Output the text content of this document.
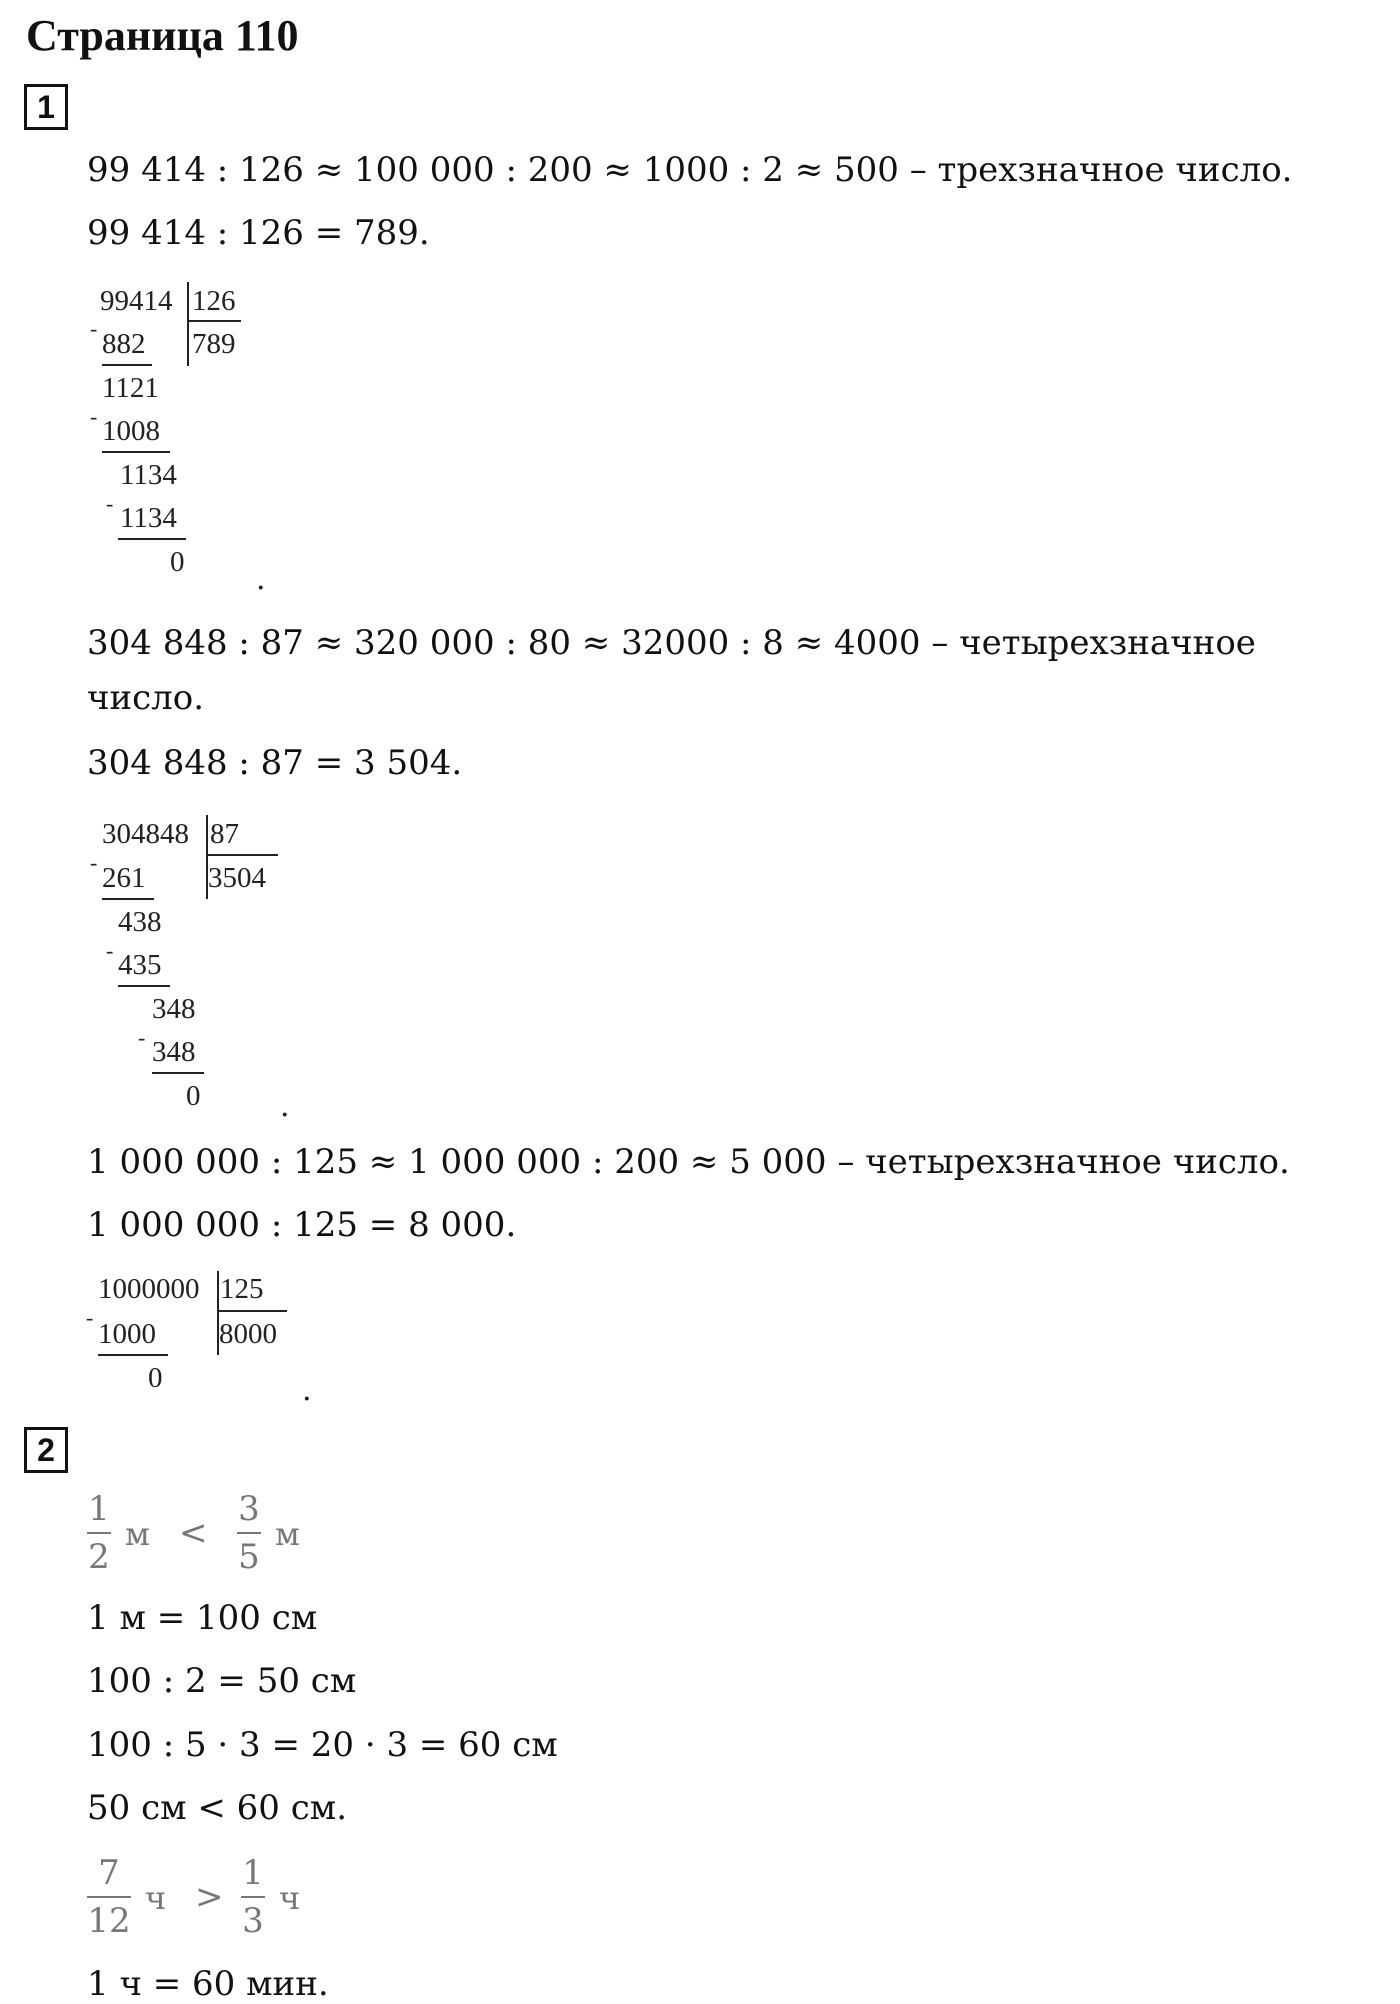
Страница 110
1
99 414 : 126 ≈ 100 000 : 200 ≈ 1000 : 2 ≈ 500 – трехзначное число.
99 414 : 126 = 789.
99414 126
789
- 882
1121
- 1008
1134
- 1134
0 .
304 848 : 87 ≈ 320 000 : 80 ≈ 32000 : 8 ≈ 4000 – четырехзначное
число.
304 848 : 87 = 3 504.
304848 87
3504
- 261
438
- 435
348
- 348
0	.
1 000 000 : 125 ≈ 1 000 000 : 200 ≈ 5 000 – четырехзначное число.
1 000 000 : 125 = 8 000.
1000000 125
8000
-
1000
0	.
2
1
2
м <
3
5
м
1 м = 100 см
100 : 2 = 50 см
100 : 5 · 3 = 20 · 3 = 60 см
50 см < 60 см.
7
12
ч >
1
3
ч
1 ч = 60 мин.
